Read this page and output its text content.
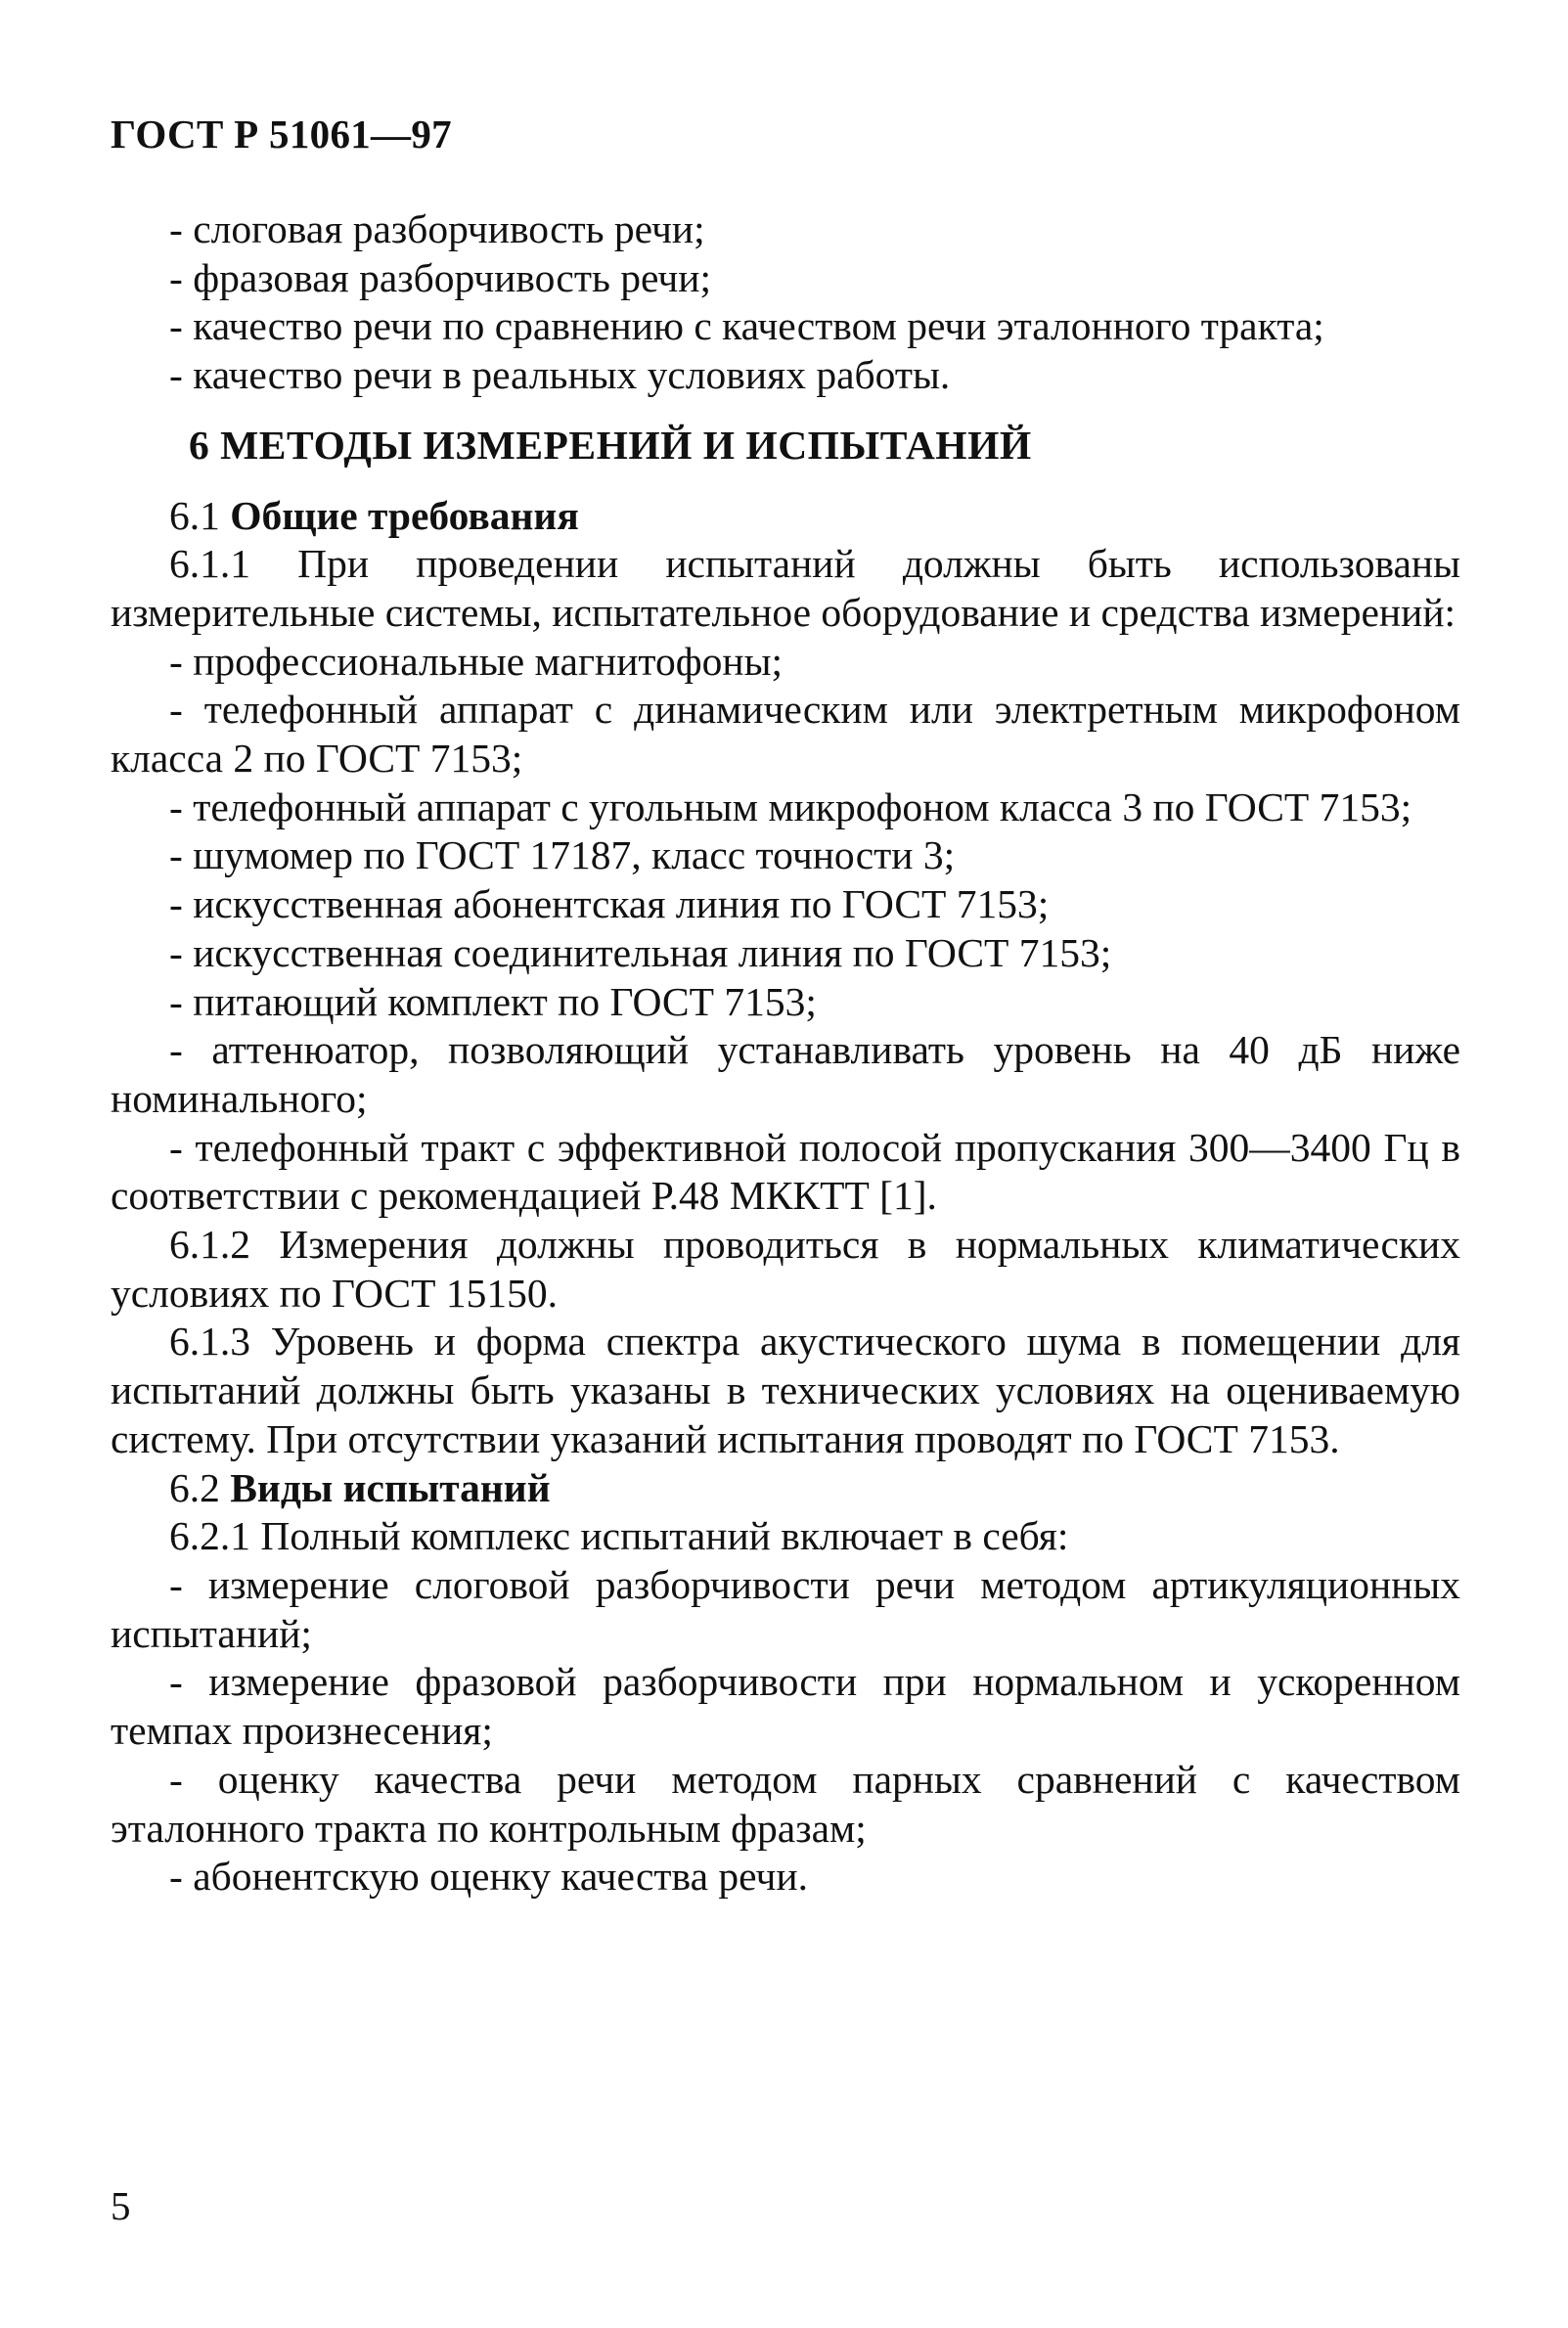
ГОСТ Р 51061—97

- слоговая разборчивость речи;

- фразовая разборчивость речи;

- качество речи по сравнению с качеством речи эталонного тракта;

- качество речи в реальных условиях работы.

6 МЕТОДЫ ИЗМЕРЕНИЙ И ИСПЫТАНИЙ

6.1 Общие требования

6.1.1 При проведении испытаний должны быть использованы измерительные системы, испытательное оборудование и средства измерений:

- профессиональные магнитофоны;

- телефонный аппарат с динамическим или электретным микрофоном класса 2 по ГОСТ 7153;

- телефонный аппарат с угольным микрофоном класса 3 по ГОСТ 7153;

- шумомер по ГОСТ 17187, класс точности 3;

- искусственная абонентская линия по ГОСТ 7153;

- искусственная соединительная линия по ГОСТ 7153;

- питающий комплект по ГОСТ 7153;

- аттенюатор, позволяющий устанавливать уровень на 40 дБ ниже номинального;

- телефонный тракт с эффективной полосой пропускания 300—3400 Гц в соответствии с рекомендацией Р.48 МККТТ [1].

6.1.2 Измерения должны проводиться в нормальных климатических условиях по ГОСТ 15150.

6.1.3 Уровень и форма спектра акустического шума в помещении для испытаний должны быть указаны в технических условиях на оцениваемую систему. При отсутствии указаний испытания проводят по ГОСТ 7153.

6.2 Виды испытаний

6.2.1 Полный комплекс испытаний включает в себя:

- измерение слоговой разборчивости речи методом артикуляционных испытаний;

- измерение фразовой разборчивости при нормальном и ускоренном темпах произнесения;

- оценку качества речи методом парных сравнений с качеством эталонного тракта по контрольным фразам;

- абонентскую оценку качества речи.

5
